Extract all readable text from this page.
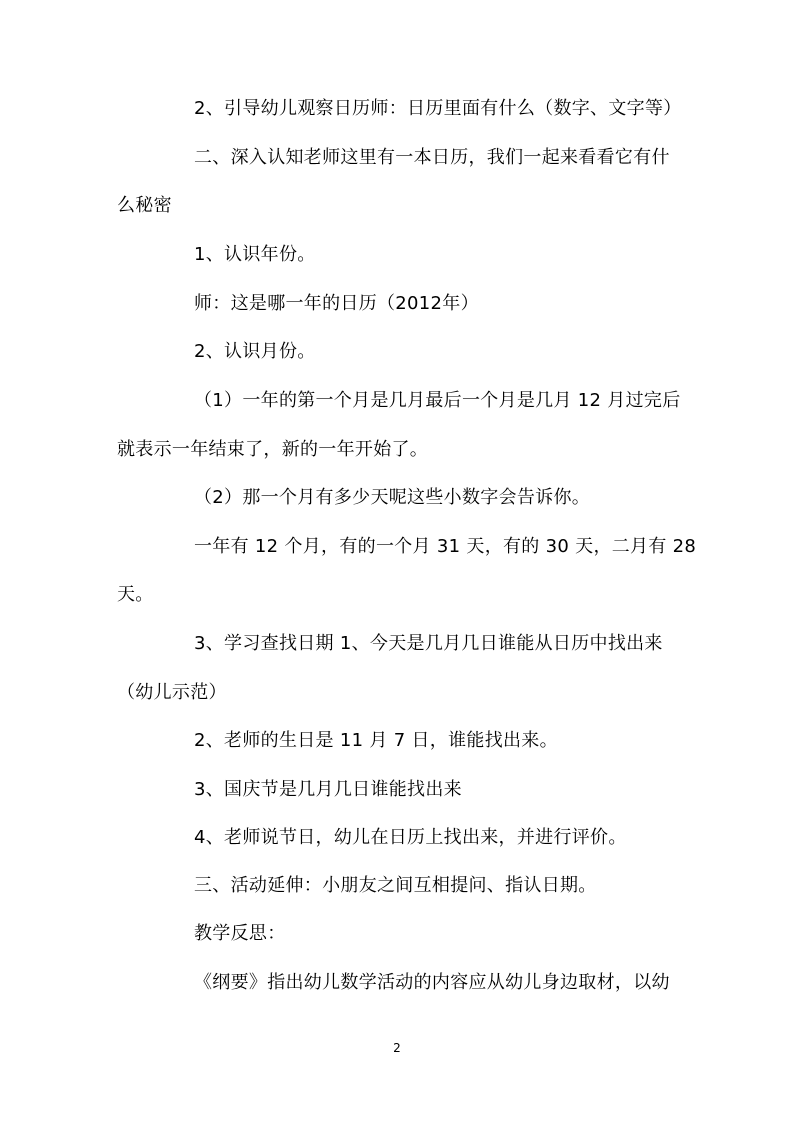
2、引导幼儿观察日历师：日历里面有什么（数字、文字等）

二、深入认知老师这里有一本日历，我们一起来看看它有什

么秘密

1、认识年份。

师：这是哪一年的日历（2012年）

2、认识月份。

（1）一年的第一个月是几月最后一个月是几月 12 月过完后

就表示一年结束了，新的一年开始了。

（2）那一个月有多少天呢这些小数字会告诉你。

一年有 12 个月，有的一个月 31 天，有的 30 天，二月有 28

天。

3、学习查找日期 1、今天是几月几日谁能从日历中找出来

（幼儿示范）

2、老师的生日是 11 月 7 日，谁能找出来。

3、国庆节是几月几日谁能找出来

4、老师说节日，幼儿在日历上找出来，并进行评价。

三、活动延伸：小朋友之间互相提问、指认日期。

教学反思：

《纲要》指出幼儿数学活动的内容应从幼儿身边取材，以幼

2
